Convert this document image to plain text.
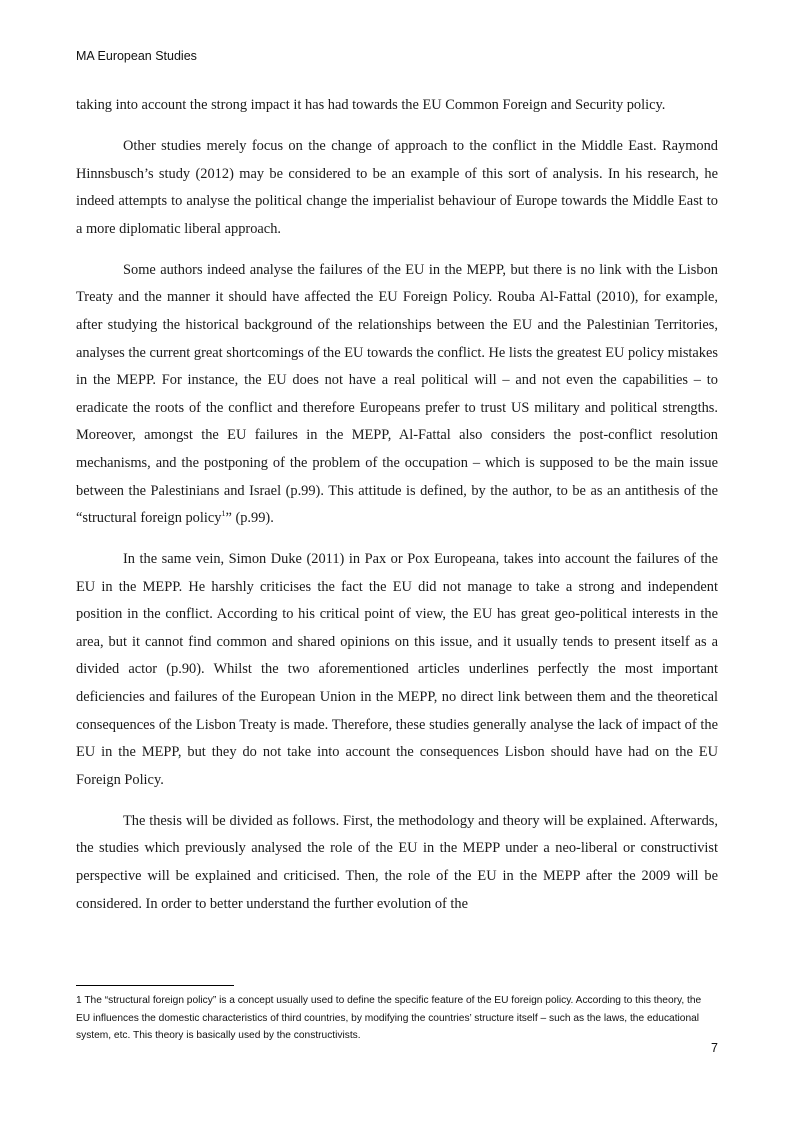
MA European Studies

taking into account the strong impact it has had towards the EU Common Foreign and Security policy.

Other studies merely focus on the change of approach to the conflict in the Middle East. Raymond Hinnsbusch’s study (2012) may be considered to be an example of this sort of analysis. In his research, he indeed attempts to analyse the political change the imperialist behaviour of Europe towards the Middle East to a more diplomatic liberal approach.

Some authors indeed analyse the failures of the EU in the MEPP, but there is no link with the Lisbon Treaty and the manner it should have affected the EU Foreign Policy. Rouba Al-Fattal (2010), for example, after studying the historical background of the relationships between the EU and the Palestinian Territories, analyses the current great shortcomings of the EU towards the conflict. He lists the greatest EU policy mistakes in the MEPP. For instance, the EU does not have a real political will – and not even the capabilities – to eradicate the roots of the conflict and therefore Europeans prefer to trust US military and political strengths. Moreover, amongst the EU failures in the MEPP, Al-Fattal also considers the post-conflict resolution mechanisms, and the postponing of the problem of the occupation – which is supposed to be the main issue between the Palestinians and Israel (p.99). This attitude is defined, by the author, to be as an antithesis of the “structural foreign policy$^1$” (p.99).

In the same vein, Simon Duke (2011) in Pax or Pox Europeana, takes into account the failures of the EU in the MEPP. He harshly criticises the fact the EU did not manage to take a strong and independent position in the conflict. According to his critical point of view, the EU has great geo-political interests in the area, but it cannot find common and shared opinions on this issue, and it usually tends to present itself as a divided actor (p.90). Whilst the two aforementioned articles underlines perfectly the most important deficiencies and failures of the European Union in the MEPP, no direct link between them and the theoretical consequences of the Lisbon Treaty is made. Therefore, these studies generally analyse the lack of impact of the EU in the MEPP, but they do not take into account the consequences Lisbon should have had on the EU Foreign Policy.

The thesis will be divided as follows. First, the methodology and theory will be explained. Afterwards, the studies which previously analysed the role of the EU in the MEPP under a neo-liberal or constructivist perspective will be explained and criticised. Then, the role of the EU in the MEPP after the 2009 will be considered. In order to better understand the further evolution of the

1 The “structural foreign policy” is a concept usually used to define the specific feature of the EU foreign policy. According to this theory, the EU influences the domestic characteristics of third countries, by modifying the countries’ structure itself – such as the laws, the educational system, etc. This theory is basically used by the constructivists.
7
